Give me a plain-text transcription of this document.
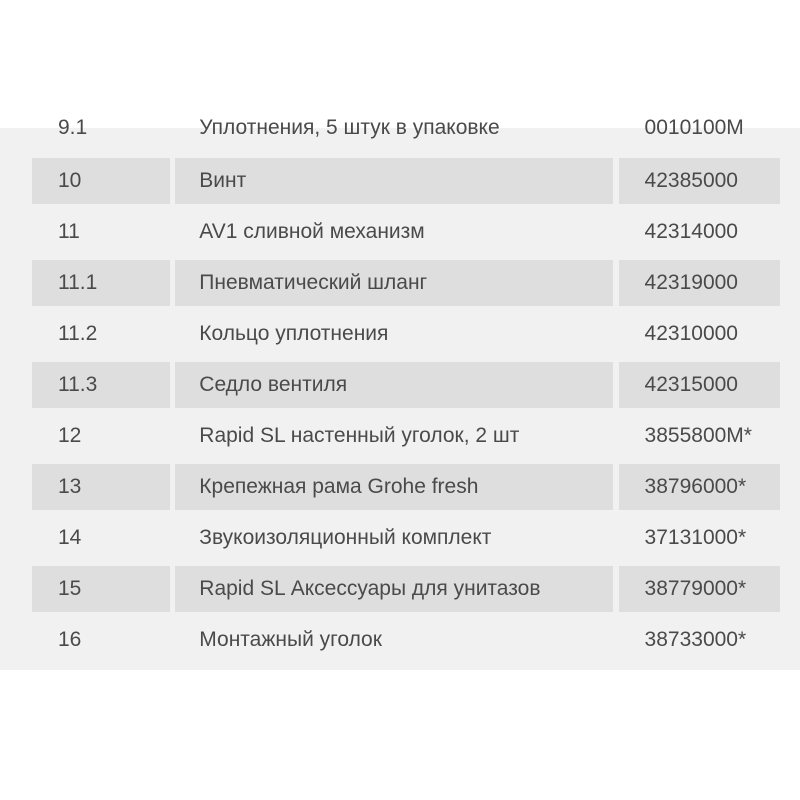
9.1		Уплотнения, 5 штук в упаковке		0010100M
10		Винт		42385000
11		AV1 сливной механизм		42314000
11.1		Пневматический шланг		42319000
11.2		Кольцо уплотнения		42310000
11.3		Седло вентиля		42315000
12		Rapid SL настенный уголок, 2 шт		3855800M*
13		Крепежная рама Grohe fresh		38796000*
14		Звукоизоляционный комплект		37131000*
15		Rapid SL Аксессуары для унитазов		38779000*
16		Монтажный уголок		38733000*
